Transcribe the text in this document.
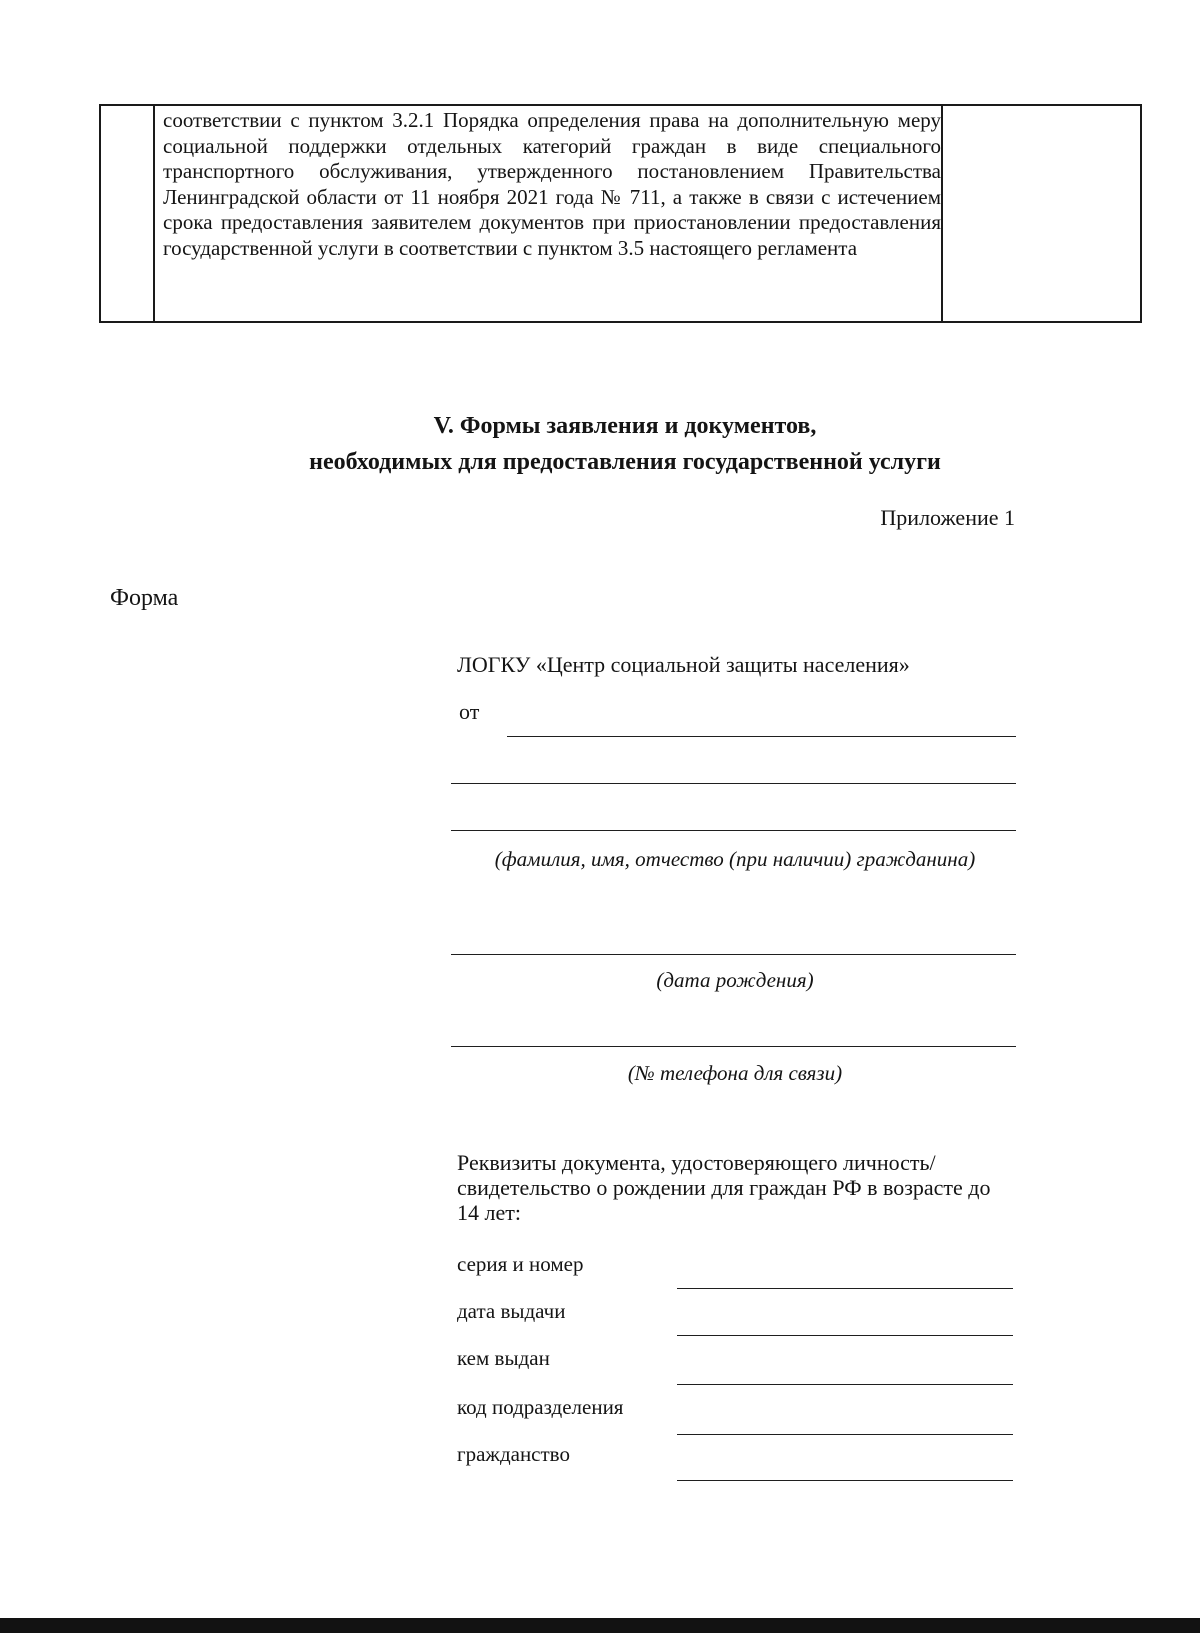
соответствии с пунктом 3.2.1 Порядка определения права на дополнительную меру социальной поддержки отдельных категорий граждан в виде специального транспортного обслуживания, утвержденного постановлением Правительства Ленинградской области от 11 ноября 2021 года № 711, а также в связи с истечением срока предоставления заявителем документов при приостановлении предоставления государственной услуги в соответствии с пунктом 3.5 настоящего регламента
V. Формы заявления и документов,
необходимых для предоставления государственной услуги
Приложение 1
Форма
ЛОГКУ «Центр социальной защиты населения»
от
(фамилия, имя, отчество (при наличии) гражданина)
(дата рождения)
(№ телефона для связи)
Реквизиты документа, удостоверяющего личность/свидетельство о рождении для граждан РФ в возрасте до 14 лет:
серия и номер
дата выдачи
кем выдан
код подразделения
гражданство
